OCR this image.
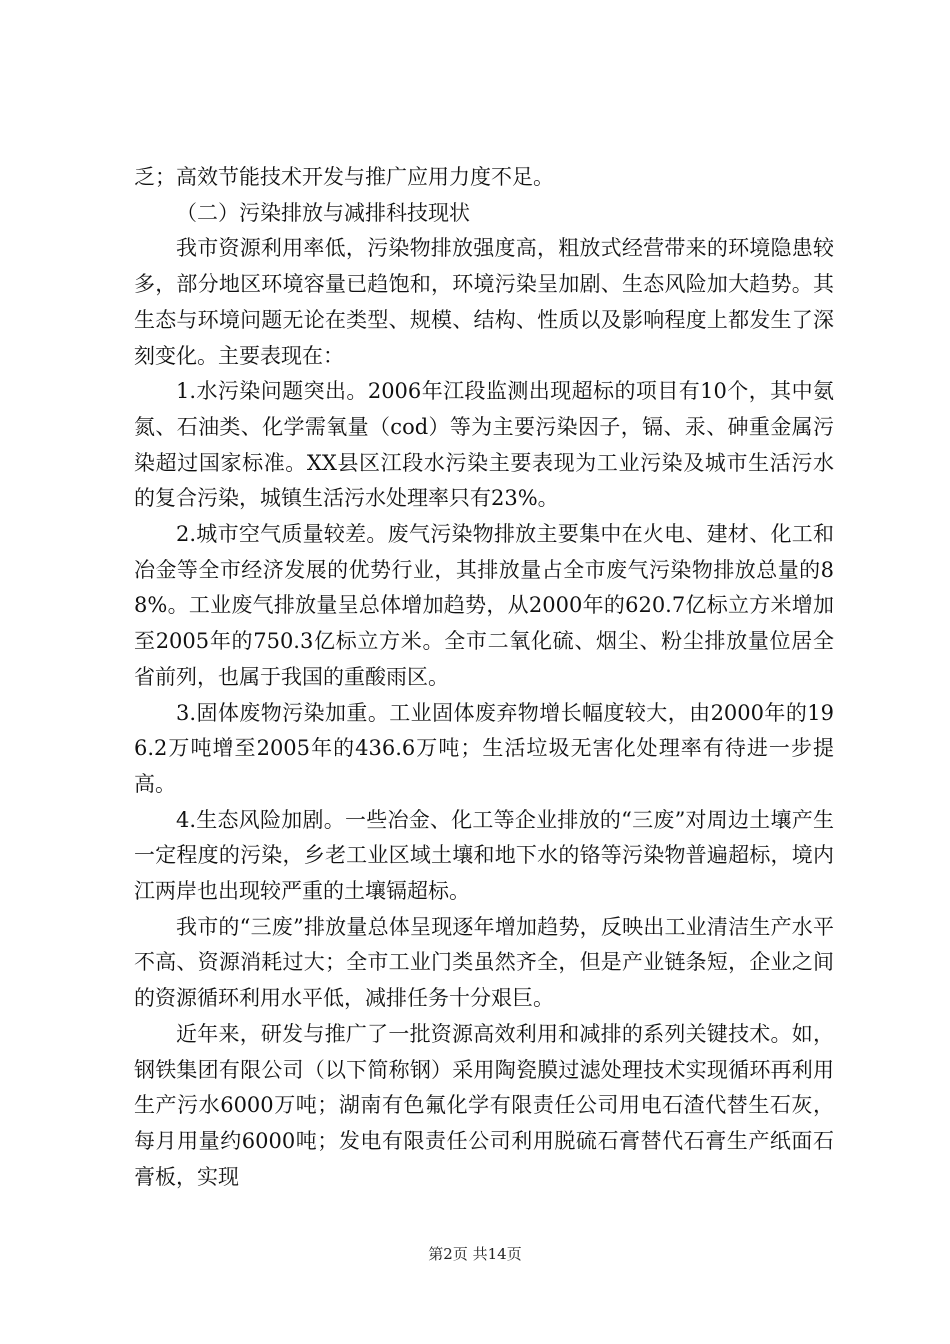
乏；高效节能技术开发与推广应用力度不足。

（二）污染排放与减排科技现状

我市资源利用率低，污染物排放强度高，粗放式经营带来的环境隐患较多，部分地区环境容量已趋饱和，环境污染呈加剧、生态风险加大趋势。其生态与环境问题无论在类型、规模、结构、性质以及影响程度上都发生了深刻变化。主要表现在：

1.水污染问题突出。2006年江段监测出现超标的项目有10个，其中氨氮、石油类、化学需氧量（cod）等为主要污染因子，镉、汞、砷重金属污染超过国家标准。XX县区江段水污染主要表现为工业污染及城市生活污水的复合污染，城镇生活污水处理率只有23%。

2.城市空气质量较差。废气污染物排放主要集中在火电、建材、化工和冶金等全市经济发展的优势行业，其排放量占全市废气污染物排放总量的88%。工业废气排放量呈总体增加趋势，从2000年的620.7亿标立方米增加至2005年的750.3亿标立方米。全市二氧化硫、烟尘、粉尘排放量位居全省前列，也属于我国的重酸雨区。

3.固体废物污染加重。工业固体废弃物增长幅度较大，由2000年的196.2万吨增至2005年的436.6万吨；生活垃圾无害化处理率有待进一步提高。

4.生态风险加剧。一些冶金、化工等企业排放的“三废”对周边土壤产生一定程度的污染，乡老工业区域土壤和地下水的铬等污染物普遍超标，境内江两岸也出现较严重的土壤镉超标。

我市的“三废”排放量总体呈现逐年增加趋势，反映出工业清洁生产水平不高、资源消耗过大；全市工业门类虽然齐全，但是产业链条短，企业之间的资源循环利用水平低，减排任务十分艰巨。

近年来，研发与推广了一批资源高效利用和减排的系列关键技术。如，钢铁集团有限公司（以下简称钢）采用陶瓷膜过滤处理技术实现循环再利用生产污水6000万吨；湖南有色氟化学有限责任公司用电石渣代替生石灰，每月用量约6000吨；发电有限责任公司利用脱硫石膏替代石膏生产纸面石膏板，实现

第2页 共14页
